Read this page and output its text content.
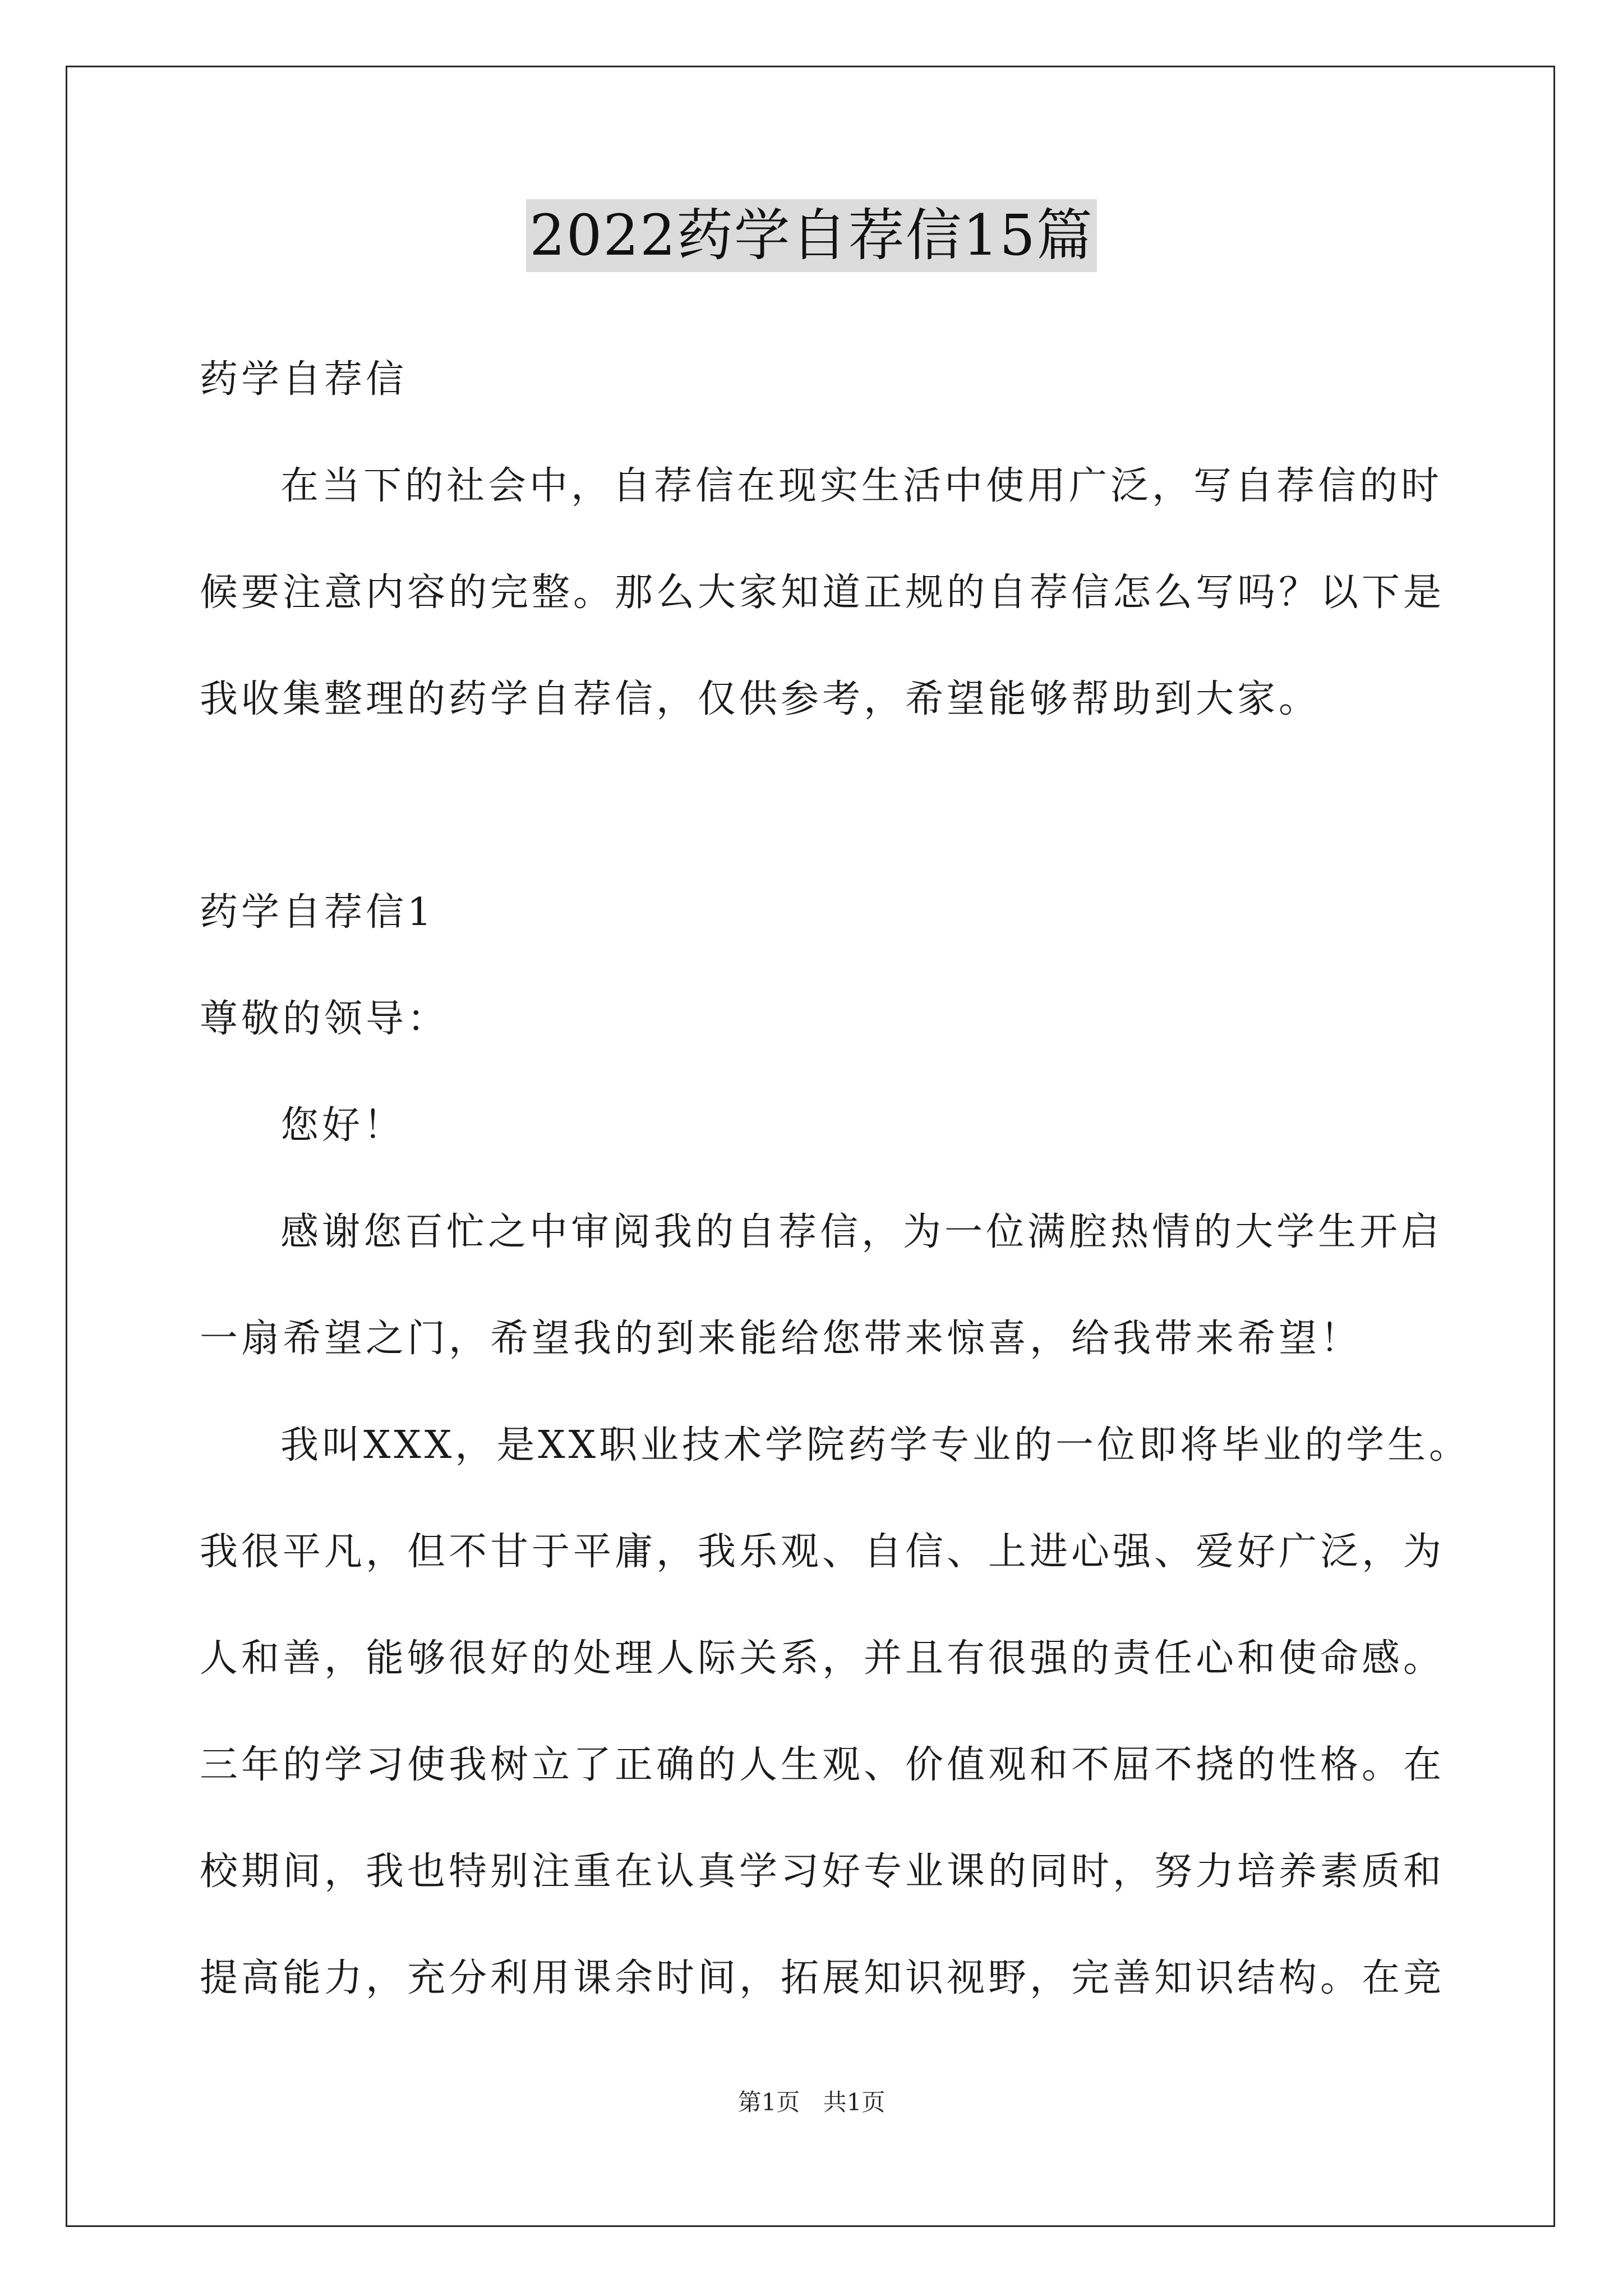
2022药学自荐信15篇
药学自荐信
在当下的社会中，自荐信在现实生活中使用广泛，写自荐信的时
候要注意内容的完整。那么大家知道正规的自荐信怎么写吗？以下是
我收集整理的药学自荐信，仅供参考，希望能够帮助到大家。
药学自荐信1
尊敬的领导：
您好！
感谢您百忙之中审阅我的自荐信，为一位满腔热情的大学生开启
一扇希望之门，希望我的到来能给您带来惊喜，给我带来希望！
我叫XXX，是XX职业技术学院药学专业的一位即将毕业的学生。
我很平凡，但不甘于平庸，我乐观、自信、上进心强、爱好广泛，为
人和善，能够很好的处理人际关系，并且有很强的责任心和使命感。
三年的学习使我树立了正确的人生观、价值观和不屈不挠的性格。在
校期间，我也特别注重在认真学习好专业课的同时，努力培养素质和
提高能力，充分利用课余时间，拓展知识视野，完善知识结构。在竞
第1页 共1页
